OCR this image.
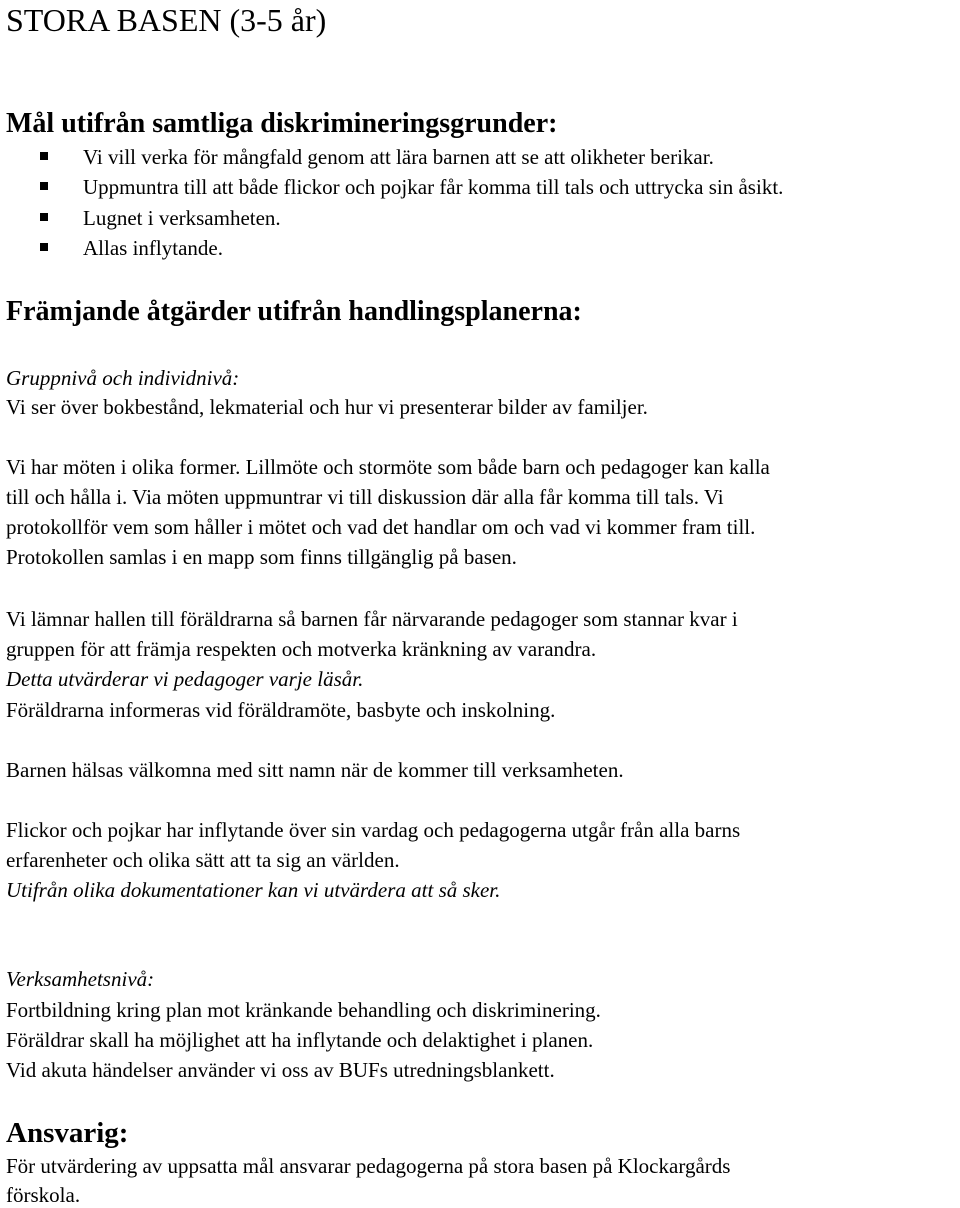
STORA BASEN (3-5 år)
Mål utifrån samtliga diskrimineringsgrunder:
Vi vill verka för mångfald genom att lära barnen att se att olikheter berikar.
Uppmuntra till att både flickor och pojkar får komma till tals och uttrycka sin åsikt.
Lugnet i verksamheten.
Allas inflytande.
Främjande åtgärder utifrån handlingsplanerna:

Gruppnivå och individnivå:

Vi ser över bokbestånd, lekmaterial och hur vi presenterar bilder av familjer.

Vi har möten i olika former. Lillmöte och stormöte som både barn och pedagoger kan kalla

till och hålla i. Via möten uppmuntrar vi till diskussion där alla får komma till tals. Vi

protokollför vem som håller i mötet och vad det handlar om och vad vi kommer fram till.

Protokollen samlas i en mapp som finns tillgänglig på basen.

Vi lämnar hallen till föräldrarna så barnen får närvarande pedagoger som stannar kvar i

gruppen för att främja respekten och motverka kränkning av varandra.

Detta utvärderar vi pedagoger varje läsår.

Föräldrarna informeras vid föräldramöte, basbyte och inskolning.

Barnen hälsas välkomna med sitt namn när de kommer till verksamheten.

Flickor och pojkar har inflytande över sin vardag och pedagogerna utgår från alla barns

erfarenheter och olika sätt att ta sig an världen.

Utifrån olika dokumentationer kan vi utvärdera att så sker.

Verksamhetsnivå:

Fortbildning kring plan mot kränkande behandling och diskriminering.

Föräldrar skall ha möjlighet att ha inflytande och delaktighet i planen.

Vid akuta händelser använder vi oss av BUFs utredningsblankett.

Ansvarig:

För utvärdering av uppsatta mål ansvarar pedagogerna på stora basen på Klockargårds

förskola.
